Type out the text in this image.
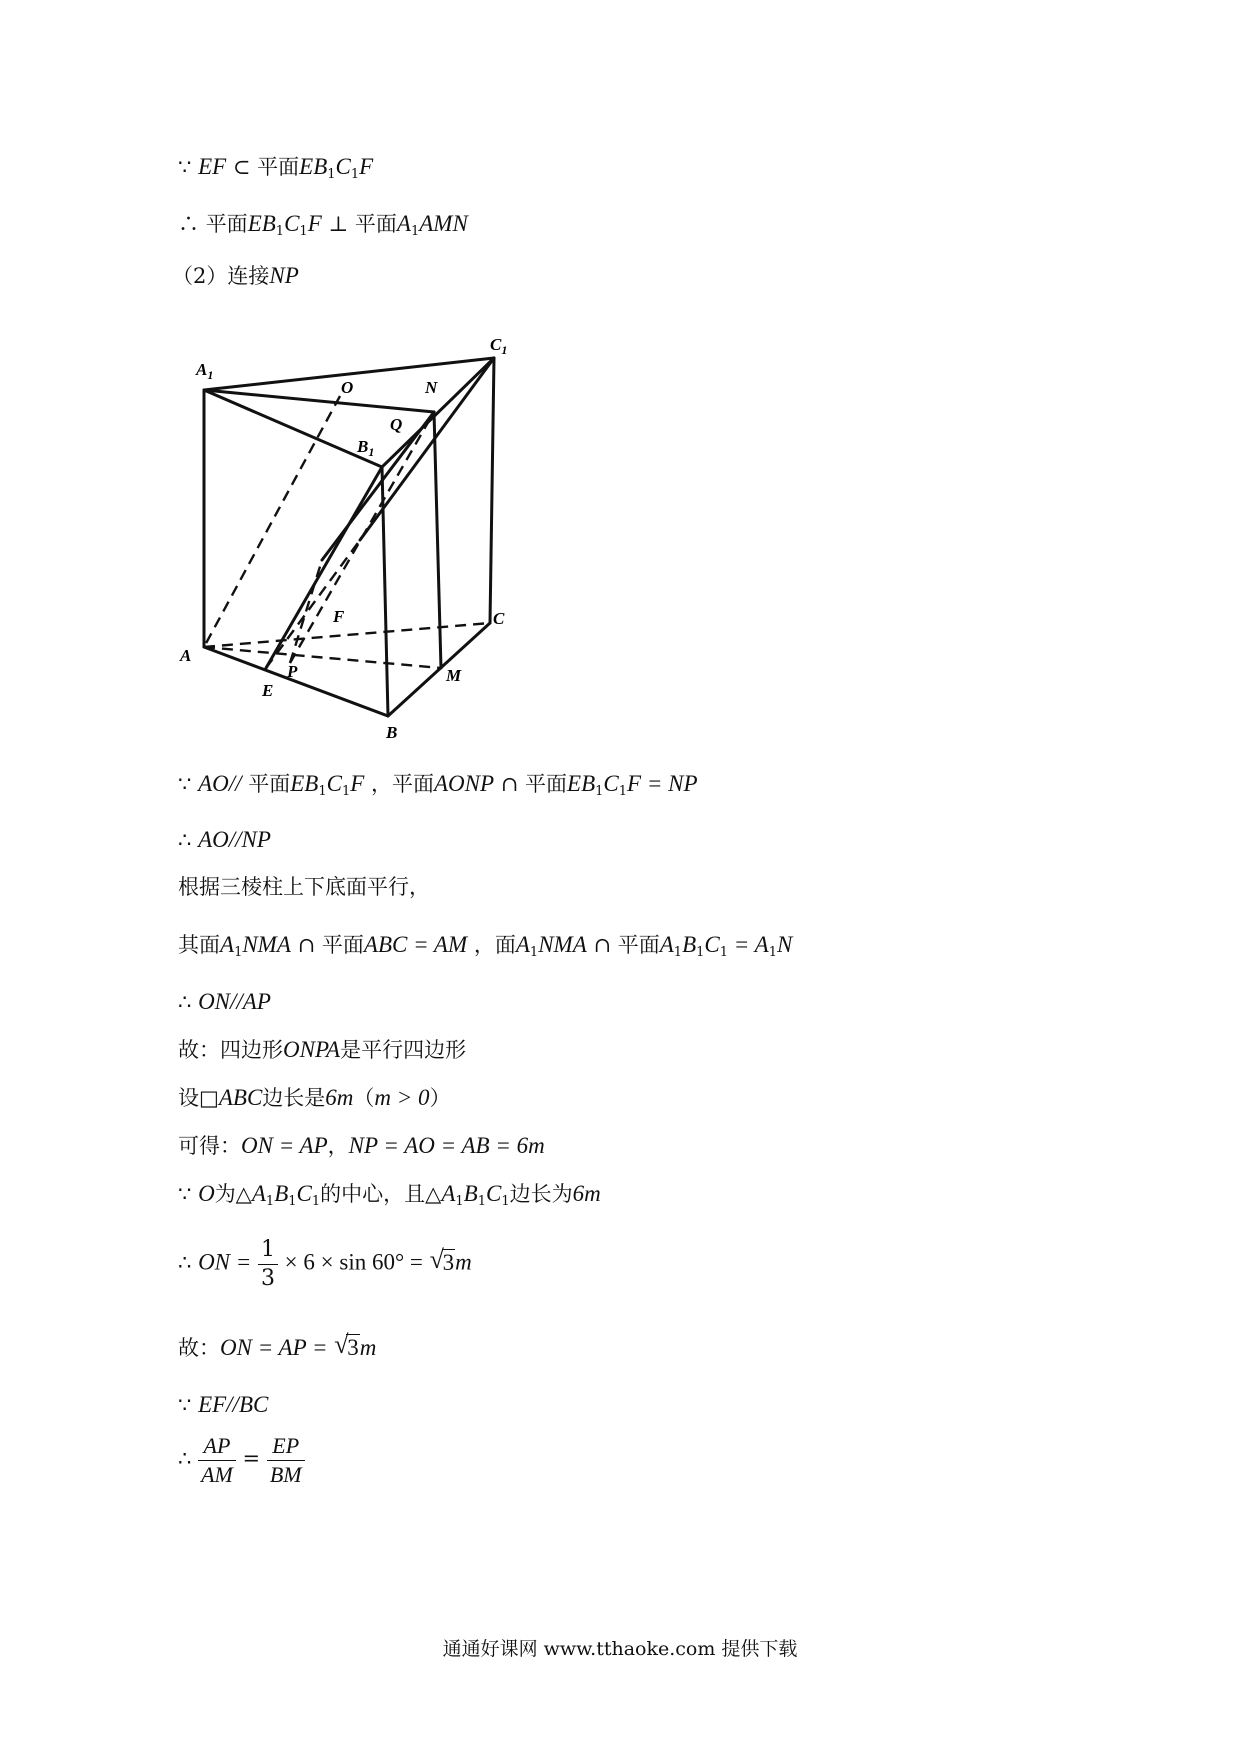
∵ EF ⊂ 平面$EB_1C_1F$
∴ 平面$EB_1C_1F$ ⊥ 平面$A_1AMN$
（2）连接NP
$A_1$
$C_1$
$B_1$
O	N
Q
F	C
A
P
E
M
B
∵ AO// 平面$EB_1C_1F$ ，平面AONP ∩ 平面$EB_1C_1F$ = NP
∴ AO//NP
根据三棱柱上下底面平行，
其面$A_1NMA$ ∩ 平面ABC = AM ，面$A_1NMA$ ∩ 平面$A_1B_1C_1 = A_1N$
∴ ON//AP
故：四边形ONPA是平行四边形
设□ABC边长是6m（m > 0）
可得：ON = AP，NP = AO = AB = 6m
∵ O为$\triangle A_1B_1C_1$的中心，且$\triangle A_1B_1C_1$边长为6m
∴ ON = $\frac{1}{3} \times 6 \times \sin 60^\circ$ = √
3m
故：ON = AP = √
3m
∵ EF//BC
∴ $\frac{AP}{AM} = \frac{EP}{BM}$
通通好课网 www.tthaoke.com 提供下载
